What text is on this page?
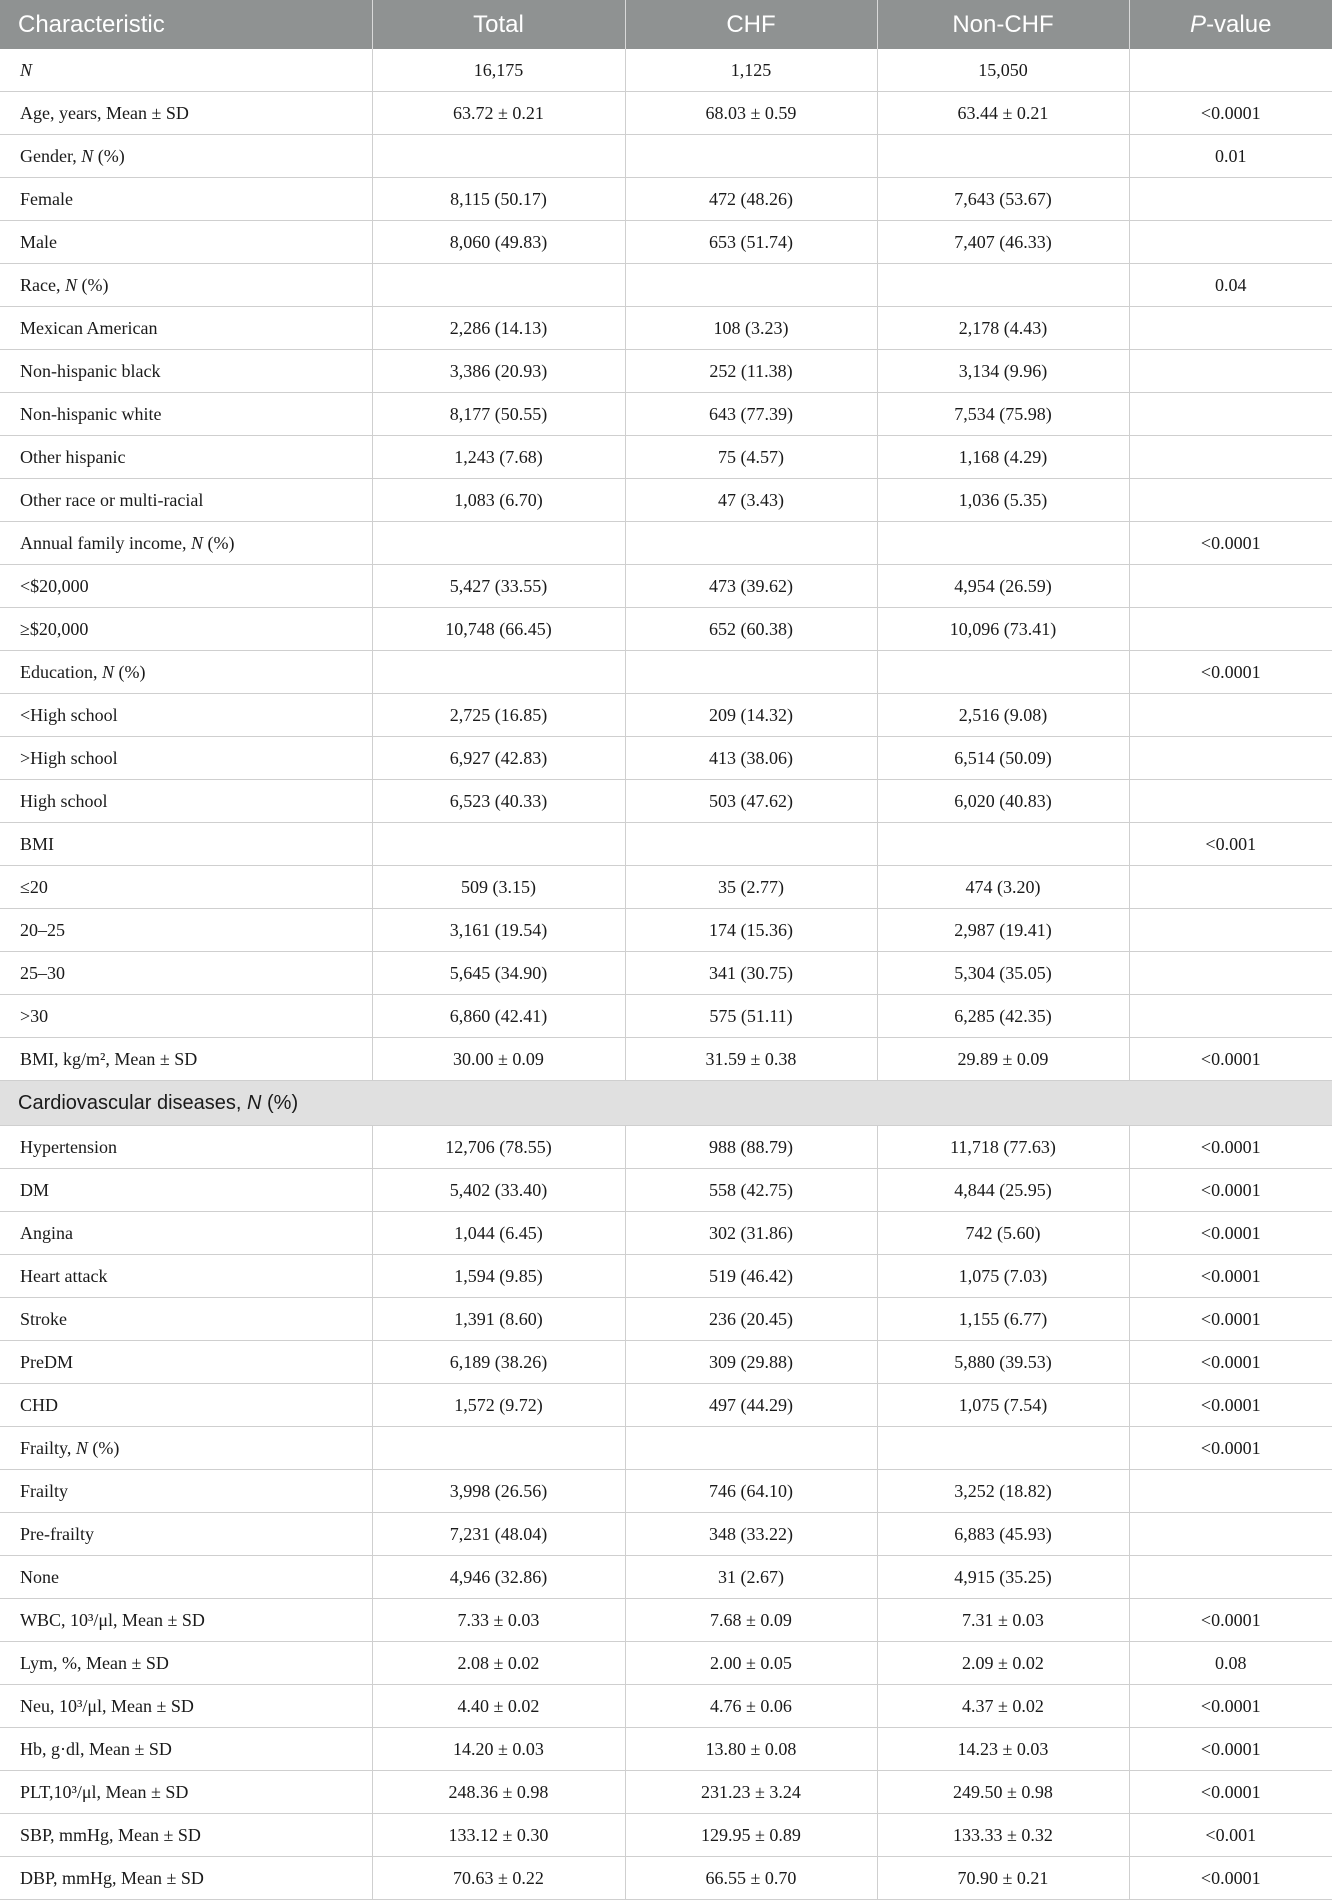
Characteristic	Total	CHF	Non-CHF	P-value
N	16,175	1,125	15,050	
Age, years, Mean ± SD	63.72 ± 0.21	68.03 ± 0.59	63.44 ± 0.21	<0.0001
Gender, N (%)				0.01
Female	8,115 (50.17)	472 (48.26)	7,643 (53.67)	
Male	8,060 (49.83)	653 (51.74)	7,407 (46.33)	
Race, N (%)				0.04
Mexican American	2,286 (14.13)	108 (3.23)	2,178 (4.43)	
Non-hispanic black	3,386 (20.93)	252 (11.38)	3,134 (9.96)	
Non-hispanic white	8,177 (50.55)	643 (77.39)	7,534 (75.98)	
Other hispanic	1,243 (7.68)	75 (4.57)	1,168 (4.29)	
Other race or multi-racial	1,083 (6.70)	47 (3.43)	1,036 (5.35)	
Annual family income, N (%)				<0.0001
<$20,000	5,427 (33.55)	473 (39.62)	4,954 (26.59)	
≥$20,000	10,748 (66.45)	652 (60.38)	10,096 (73.41)	
Education, N (%)				<0.0001
<High school	2,725 (16.85)	209 (14.32)	2,516 (9.08)	
>High school	6,927 (42.83)	413 (38.06)	6,514 (50.09)	
High school	6,523 (40.33)	503 (47.62)	6,020 (40.83)	
BMI				<0.001
≤20	509 (3.15)	35 (2.77)	474 (3.20)	
20–25	3,161 (19.54)	174 (15.36)	2,987 (19.41)	
25–30	5,645 (34.90)	341 (30.75)	5,304 (35.05)	
>30	6,860 (42.41)	575 (51.11)	6,285 (42.35)	
BMI, kg/m², Mean ± SD	30.00 ± 0.09	31.59 ± 0.38	29.89 ± 0.09	<0.0001
Cardiovascular diseases, N (%)				
Hypertension	12,706 (78.55)	988 (88.79)	11,718 (77.63)	<0.0001
DM	5,402 (33.40)	558 (42.75)	4,844 (25.95)	<0.0001
Angina	1,044 (6.45)	302 (31.86)	742 (5.60)	<0.0001
Heart attack	1,594 (9.85)	519 (46.42)	1,075 (7.03)	<0.0001
Stroke	1,391 (8.60)	236 (20.45)	1,155 (6.77)	<0.0001
PreDM	6,189 (38.26)	309 (29.88)	5,880 (39.53)	<0.0001
CHD	1,572 (9.72)	497 (44.29)	1,075 (7.54)	<0.0001
Frailty, N (%)				<0.0001
Frailty	3,998 (26.56)	746 (64.10)	3,252 (18.82)	
Pre-frailty	7,231 (48.04)	348 (33.22)	6,883 (45.93)	
None	4,946 (32.86)	31 (2.67)	4,915 (35.25)	
WBC, 10³/μl, Mean ± SD	7.33 ± 0.03	7.68 ± 0.09	7.31 ± 0.03	<0.0001
Lym, %, Mean ± SD	2.08 ± 0.02	2.00 ± 0.05	2.09 ± 0.02	0.08
Neu, 10³/μl, Mean ± SD	4.40 ± 0.02	4.76 ± 0.06	4.37 ± 0.02	<0.0001
Hb, g·dl, Mean ± SD	14.20 ± 0.03	13.80 ± 0.08	14.23 ± 0.03	<0.0001
PLT,10³/μl, Mean ± SD	248.36 ± 0.98	231.23 ± 3.24	249.50 ± 0.98	<0.0001
SBP, mmHg, Mean ± SD	133.12 ± 0.30	129.95 ± 0.89	133.33 ± 0.32	<0.001
DBP, mmHg, Mean ± SD	70.63 ± 0.22	66.55 ± 0.70	70.90 ± 0.21	<0.0001
